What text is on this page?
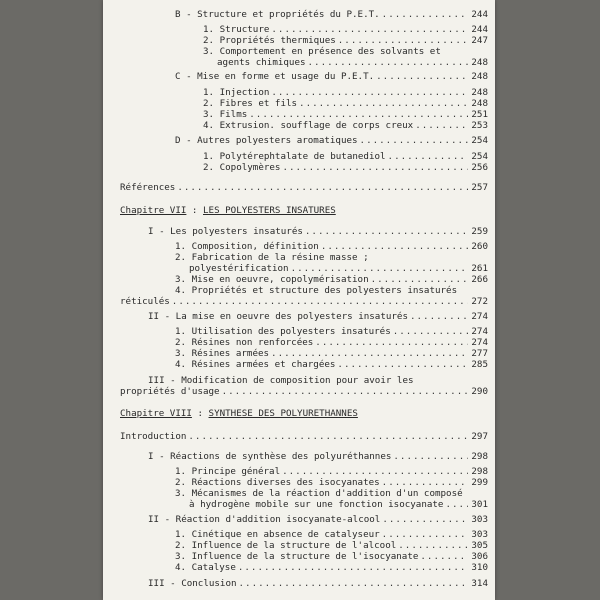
B - Structure et propriétés du P.E.T. .....	244
1. Structure .....	244
2. Propriétés thermiques .....	247
3. Comportement en présence des solvants et
agents chimiques .....	248
C - Mise en forme et usage du P.E.T. .....	248
1. Injection .....	248
2. Fibres et fils .....	248
3. Films .....	251
4. Extrusion. soufflage de corps creux .....	253
D - Autres polyesters aromatiques .....	254
1. Polytérephtalate de butanediol .....	254
2. Copolymères .....	256
Références .....	257
Chapitre VII : LES POLYESTERS INSATURES
I - Les polyesters insaturés .....	259
1. Composition, définition .....	260
2. Fabrication de la résine masse ;
polyestérification .....	261
3. Mise en oeuvre, copolymérisation .....	266
4. Propriétés et structure des polyesters insaturés
réticulés .....	272
II - La mise en oeuvre des polyesters insaturés .....	274
1. Utilisation des polyesters insaturés .....	274
2. Résines non renforcées .....	274
3. Résines armées .....	277
4. Résines armées et chargées .....	285
III - Modification de composition pour avoir les
propriétés d'usage .....	290
Chapitre VIII : SYNTHESE DES POLYURETHANNES
Introduction .....	297
I - Réactions de synthèse des polyuréthannes .....	298
1. Principe général .....	298
2. Réactions diverses des isocyanates .....	299
3. Mécanismes de la réaction d'addition d'un composé
à hydrogène mobile sur une fonction isocyanate .....	301
II - Réaction d'addition isocyanate-alcool .....	303
1. Cinétique en absence de catalyseur .....	303
2. Influence de la structure de l'alcool .....	305
3. Influence de la structure de l'isocyanate .....	306
4. Catalyse .....	310
III - Conclusion .....	314
